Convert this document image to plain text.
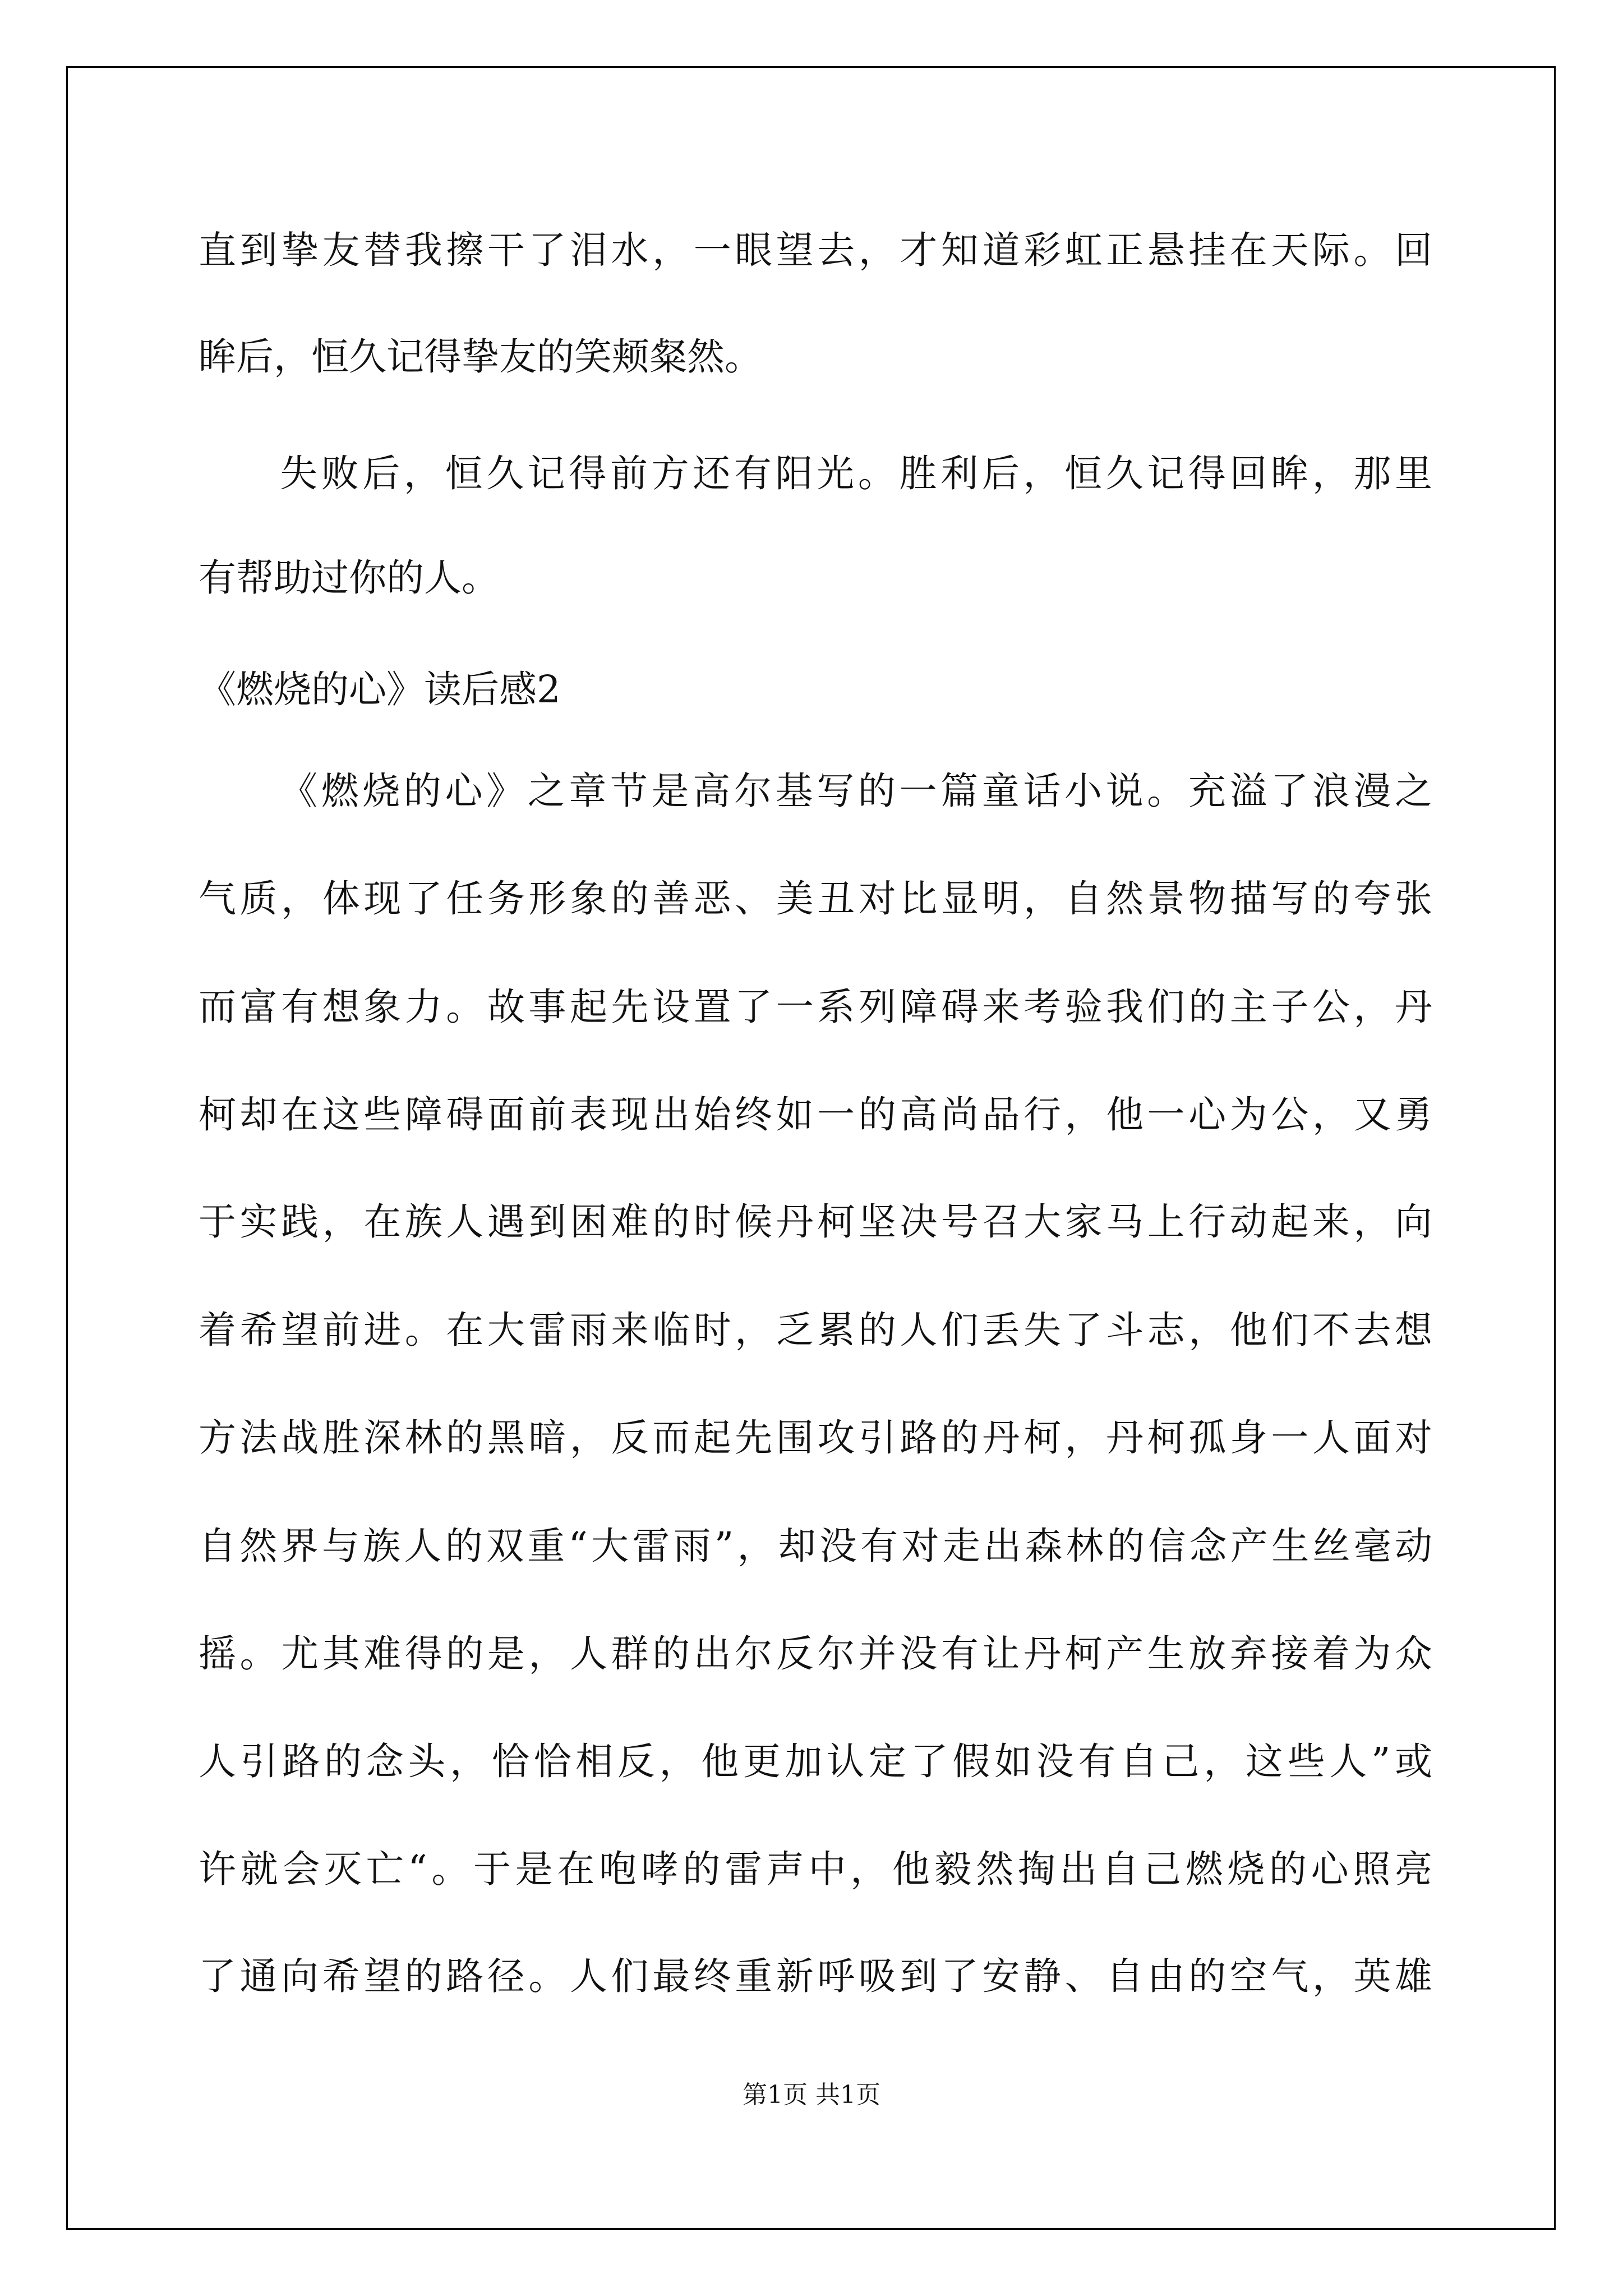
直到挚友替我擦干了泪水，一眼望去，才知道彩虹正悬挂在天际。回
眸后，恒久记得挚友的笑颊粲然。
失败后，恒久记得前方还有阳光。胜利后，恒久记得回眸，那里
有帮助过你的人。
《燃烧的心》读后感2
《燃烧的心》之章节是高尔基写的一篇童话小说。充溢了浪漫之
气质，体现了任务形象的善恶、美丑对比显明，自然景物描写的夸张
而富有想象力。故事起先设置了一系列障碍来考验我们的主子公，丹
柯却在这些障碍面前表现出始终如一的高尚品行，他一心为公，又勇
于实践，在族人遇到困难的时候丹柯坚决号召大家马上行动起来，向
着希望前进。在大雷雨来临时，乏累的人们丢失了斗志，他们不去想
方法战胜深林的黑暗，反而起先围攻引路的丹柯，丹柯孤身一人面对
自然界与族人的双重“大雷雨”，却没有对走出森林的信念产生丝毫动
摇。尤其难得的是，人群的出尔反尔并没有让丹柯产生放弃接着为众
人引路的念头，恰恰相反，他更加认定了假如没有自己，这些人”或
许就会灭亡“。于是在咆哮的雷声中，他毅然掏出自己燃烧的心照亮
了通向希望的路径。人们最终重新呼吸到了安静、自由的空气，英雄
第1页 共1页
